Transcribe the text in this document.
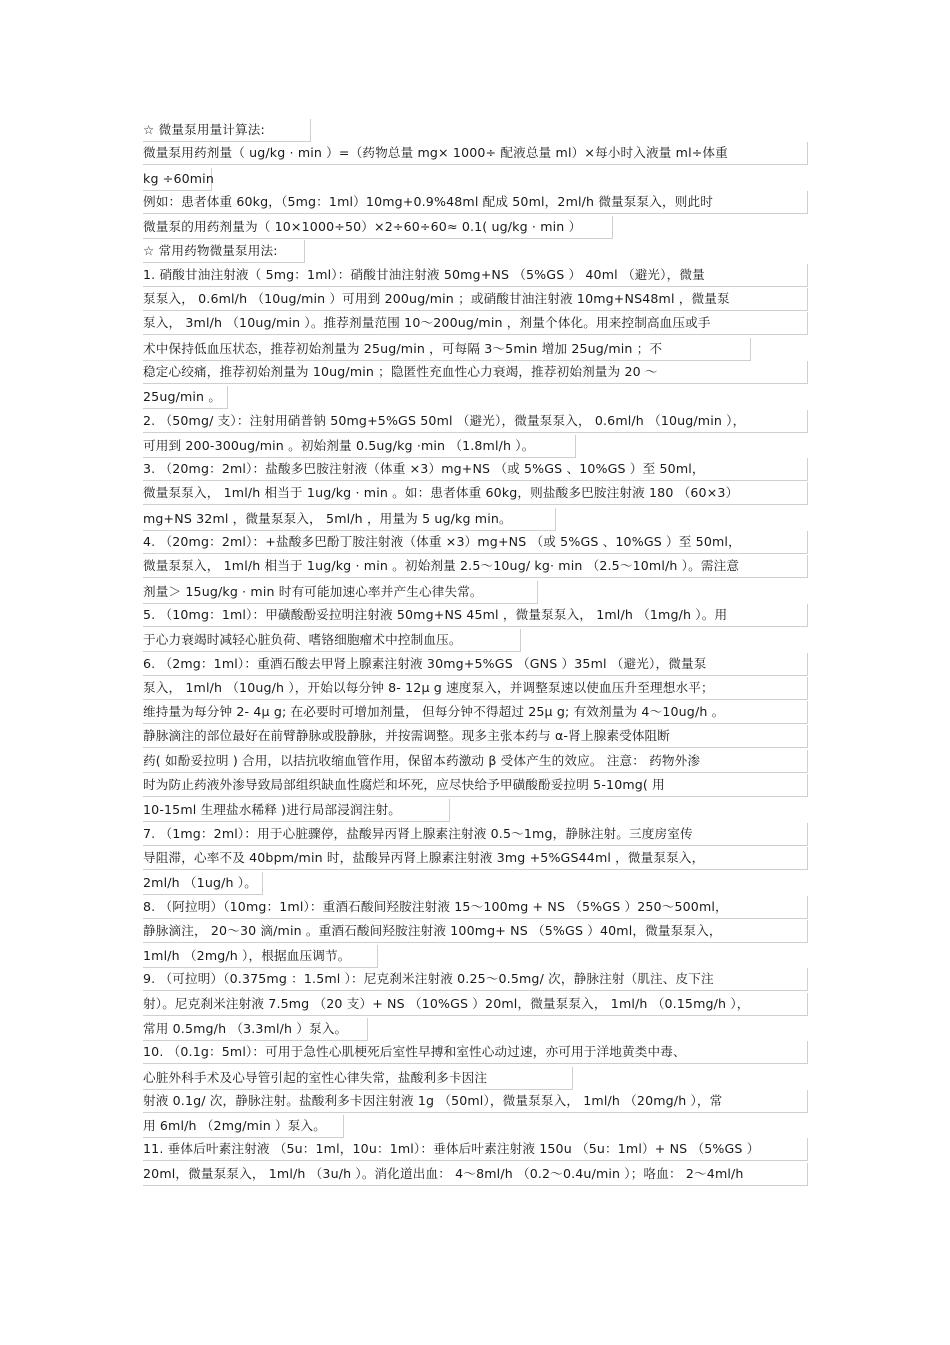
☆ 微量泵用量计算法:
微量泵用药剂量（ ug/kg · min ）=（药物总量 mg× 1000÷ 配液总量 ml）×每小时入液量 ml÷体重
kg ÷60min
例如：患者体重 60kg，（5mg：1ml）10mg+0.9%48ml 配成 50ml，2ml/h 微量泵泵入，则此时
微量泵的用药剂量为（ 10×1000÷50）×2÷60÷60≈ 0.1( ug/kg · min ）
☆ 常用药物微量泵用法:
1. 硝酸甘油注射液（ 5mg：1ml）：硝酸甘油注射液 50mg+NS （5%GS ） 40ml （避光），微量
泵泵入， 0.6ml/h （10ug/min ）可用到 200ug/min ；或硝酸甘油注射液 10mg+NS48ml ，微量泵
泵入， 3ml/h （10ug/min ）。推荐剂量范围 10～200ug/min ，剂量个体化。用来控制高血压或手
术中保持低血压状态，推荐初始剂量为 25ug/min ，可每隔 3～5min 增加 25ug/min ；不
稳定心绞痛，推荐初始剂量为 10ug/min ；隐匿性充血性心力衰竭，推荐初始剂量为 20 ～
25ug/min 。
2. （50mg/ 支）：注射用硝普钠 50mg+5%GS 50ml （避光），微量泵泵入， 0.6ml/h （10ug/min ），
可用到 200-300ug/min 。初始剂量 0.5ug/kg ·min （1.8ml/h ）。
3. （20mg：2ml）：盐酸多巴胺注射液（体重 ×3）mg+NS （或 5%GS 、10%GS ）至 50ml，
微量泵泵入， 1ml/h 相当于 1ug/kg · min 。如：患者体重 60kg，则盐酸多巴胺注射液 180 （60×3）
mg+NS 32ml ，微量泵泵入， 5ml/h ，用量为 5 ug/kg min。
4. （20mg：2ml）：+盐酸多巴酚丁胺注射液（体重 ×3）mg+NS （或 5%GS 、10%GS ）至 50ml，
微量泵泵入， 1ml/h 相当于 1ug/kg · min 。初始剂量 2.5～10ug/ kg· min （2.5～10ml/h ）。需注意
剂量＞ 15ug/kg · min 时有可能加速心率并产生心律失常。
5. （10mg：1ml）：甲磺酸酚妥拉明注射液 50mg+NS 45ml ，微量泵泵入， 1ml/h （1mg/h ）。用
于心力衰竭时减轻心脏负荷、嗜铬细胞瘤术中控制血压。
6. （2mg：1ml）：重酒石酸去甲肾上腺素注射液 30mg+5%GS （GNS ）35ml （避光），微量泵
泵入， 1ml/h （10ug/h ），开始以每分钟 8- 12μ g 速度泵入，并调整泵速以使血压升至理想水平；
维持量为每分钟 2- 4μ g; 在必要时可增加剂量， 但每分钟不得超过 25μ g; 有效剂量为 4～10ug/h 。
静脉滴注的部位最好在前臂静脉或股静脉，并按需调整。现多主张本药与 α-肾上腺素受体阻断
药( 如酚妥拉明 ) 合用，以拮抗收缩血管作用，保留本药激动 β 受体产生的效应。 注意： 药物外渗
时为防止药液外渗导致局部组织缺血性腐烂和坏死，应尽快给予甲磺酸酚妥拉明 5-10mg( 用
10-15ml 生理盐水稀释 )进行局部浸润注射。
7. （1mg：2ml）：用于心脏骤停，盐酸异丙肾上腺素注射液 0.5～1mg，静脉注射。三度房室传
导阻滞，心率不及 40bpm/min 时，盐酸异丙肾上腺素注射液 3mg +5%GS44ml ，微量泵泵入，
2ml/h （1ug/h ）。
8. （阿拉明）（10mg：1ml）：重酒石酸间羟胺注射液 15～100mg + NS （5%GS ）250～500ml，
静脉滴注， 20～30 滴/min 。重酒石酸间羟胺注射液 100mg+ NS （5%GS ）40ml，微量泵泵入，
1ml/h （2mg/h ），根据血压调节。
9. （可拉明）（0.375mg ：1.5ml ）：尼克刹米注射液 0.25～0.5mg/ 次，静脉注射（肌注、皮下注
射）。尼克刹米注射液 7.5mg （20 支）+ NS （10%GS ）20ml，微量泵泵入， 1ml/h （0.15mg/h ），
常用 0.5mg/h （3.3ml/h ）泵入。
10. （0.1g：5ml）：可用于急性心肌梗死后室性早搏和室性心动过速，亦可用于洋地黄类中毒、
心脏外科手术及心导管引起的室性心律失常，盐酸利多卡因注
射液 0.1g/ 次，静脉注射。盐酸利多卡因注射液 1g （50ml），微量泵泵入， 1ml/h （20mg/h ），常
用 6ml/h （2mg/min ）泵入。
11. 垂体后叶素注射液 （5u：1ml，10u：1ml）：垂体后叶素注射液 150u （5u：1ml）+ NS （5%GS ）
20ml，微量泵泵入， 1ml/h （3u/h ）。消化道出血： 4～8ml/h （0.2～0.4u/min ）；咯血： 2～4ml/h
